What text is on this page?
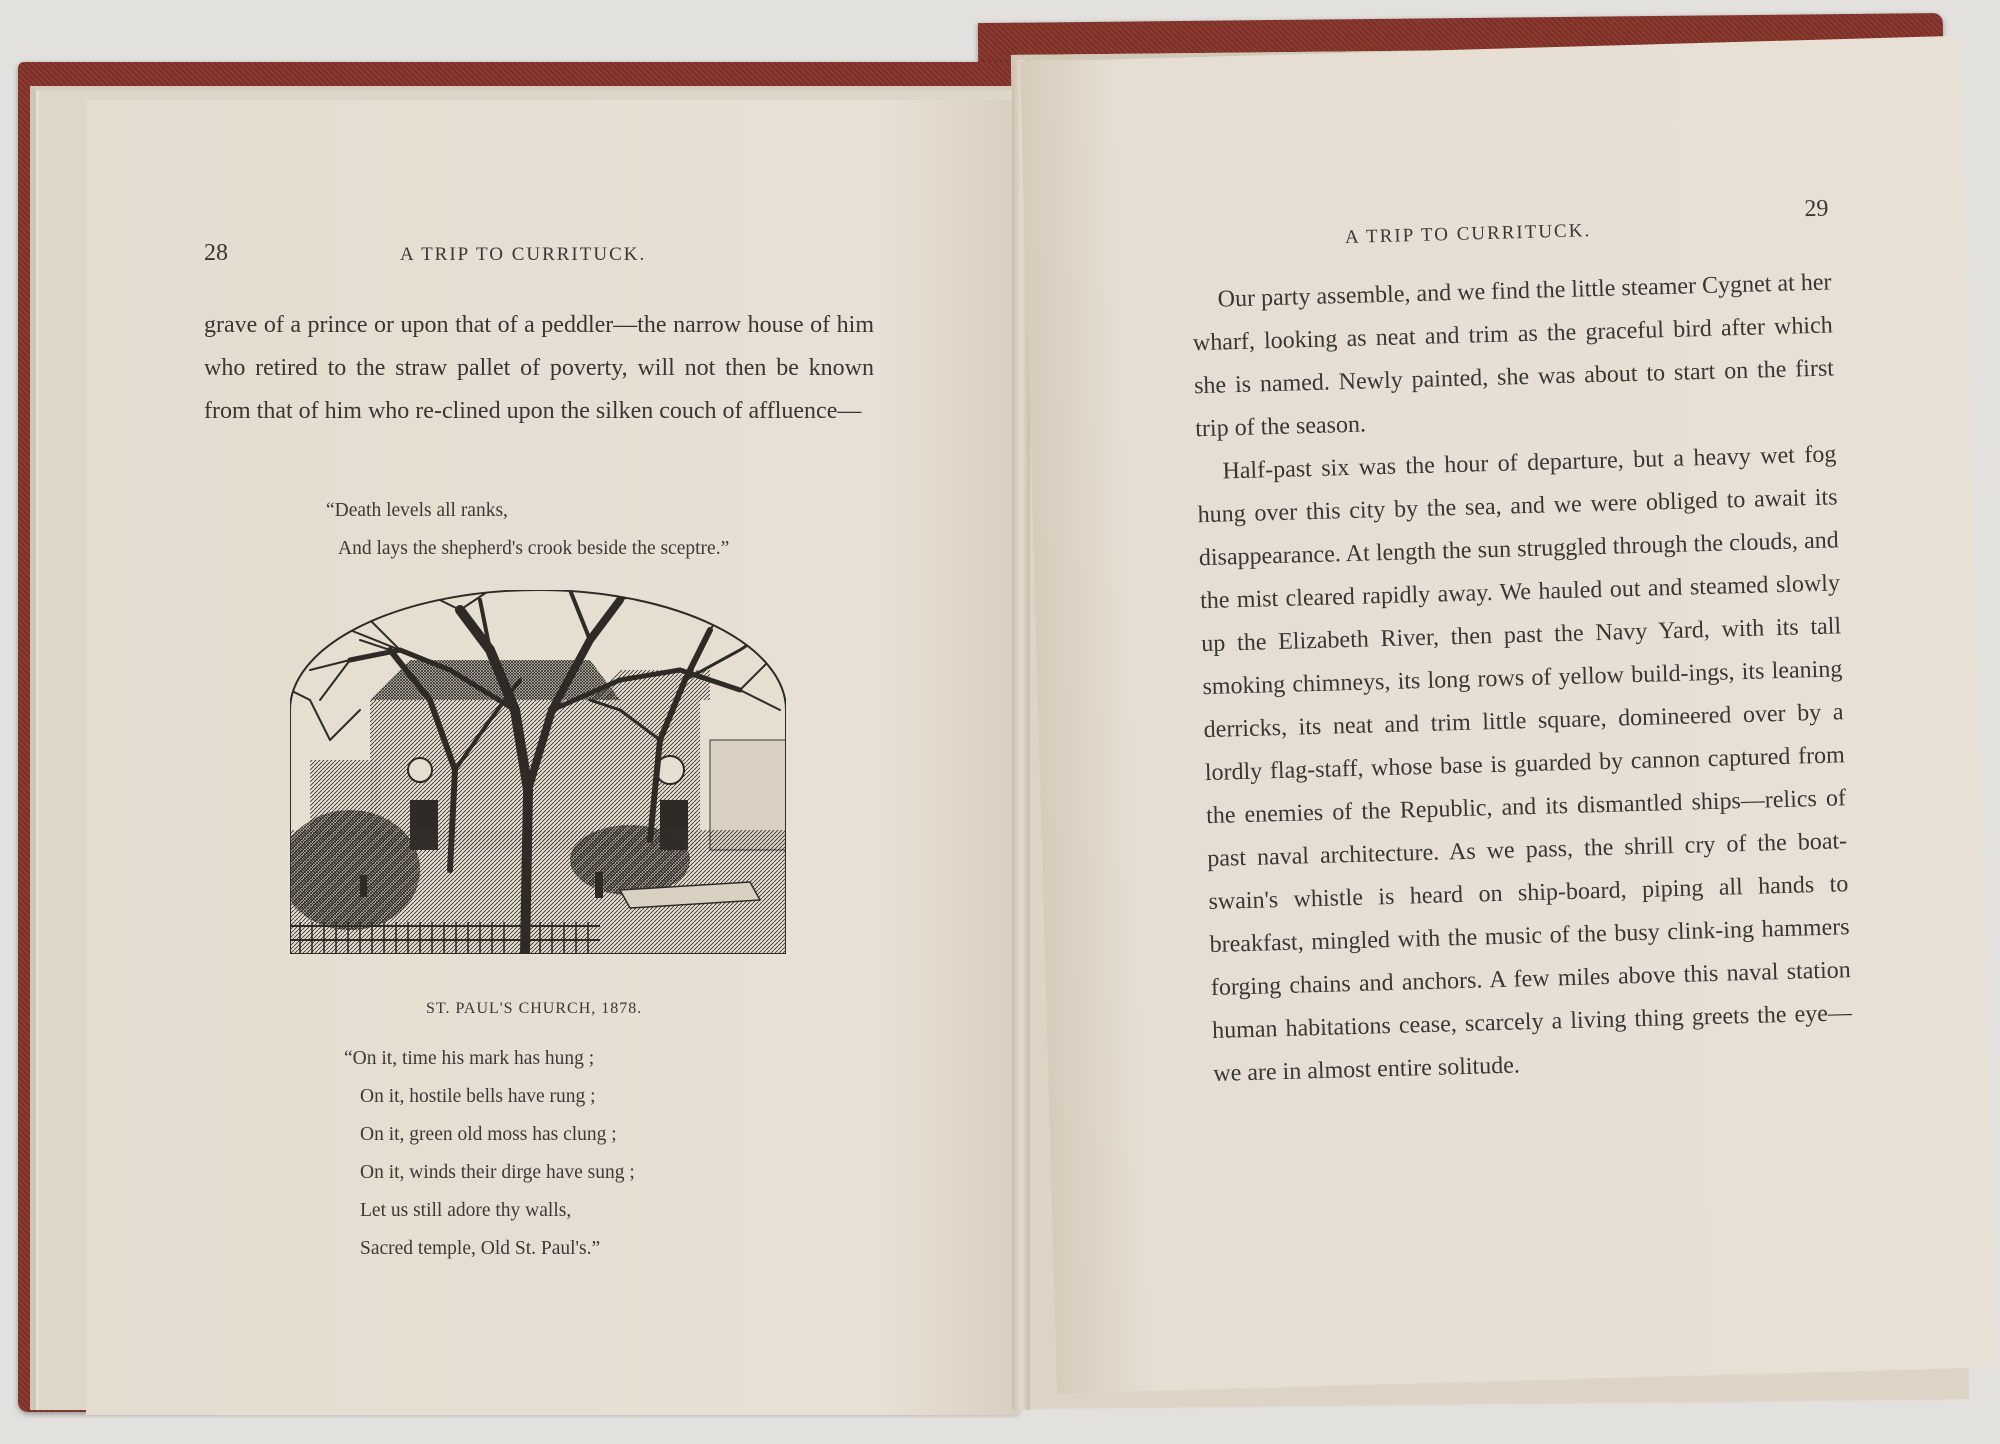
28	A TRIP TO CURRITUCK.

grave of a prince or upon that of a peddler—the narrow house of him who retired to the straw pallet of poverty, will not then be known from that of him who re-clined upon the silken couch of affluence—

“Death levels all ranks,
And lays the shepherd's crook beside the sceptre.”
ST. PAUL'S CHURCH, 1878.
“On it, time his mark has hung ;
On it, hostile bells have rung ;
On it, green old moss has clung ;
On it, winds their dirge have sung ;
Let us still adore thy walls,
Sacred temple, Old St. Paul's.”
A TRIP TO CURRITUCK.
29

Our party assemble, and we find the little steamer Cygnet at her wharf, looking as neat and trim as the graceful bird after which she is named. Newly painted, she was about to start on the first trip of the season.

Half-past six was the hour of departure, but a heavy wet fog hung over this city by the sea, and we were obliged to await its disappearance. At length the sun struggled through the clouds, and the mist cleared rapidly away. We hauled out and steamed slowly up the Elizabeth River, then past the Navy Yard, with its tall smoking chimneys, its long rows of yellow build-ings, its leaning derricks, its neat and trim little square, domineered over by a lordly flag-staff, whose base is guarded by cannon captured from the enemies of the Republic, and its dismantled ships—relics of past naval architecture. As we pass, the shrill cry of the boat-swain's whistle is heard on ship-board, piping all hands to breakfast, mingled with the music of the busy clink-ing hammers forging chains and anchors. A few miles above this naval station human habitations cease, scarcely a living thing greets the eye—we are in almost entire solitude.
